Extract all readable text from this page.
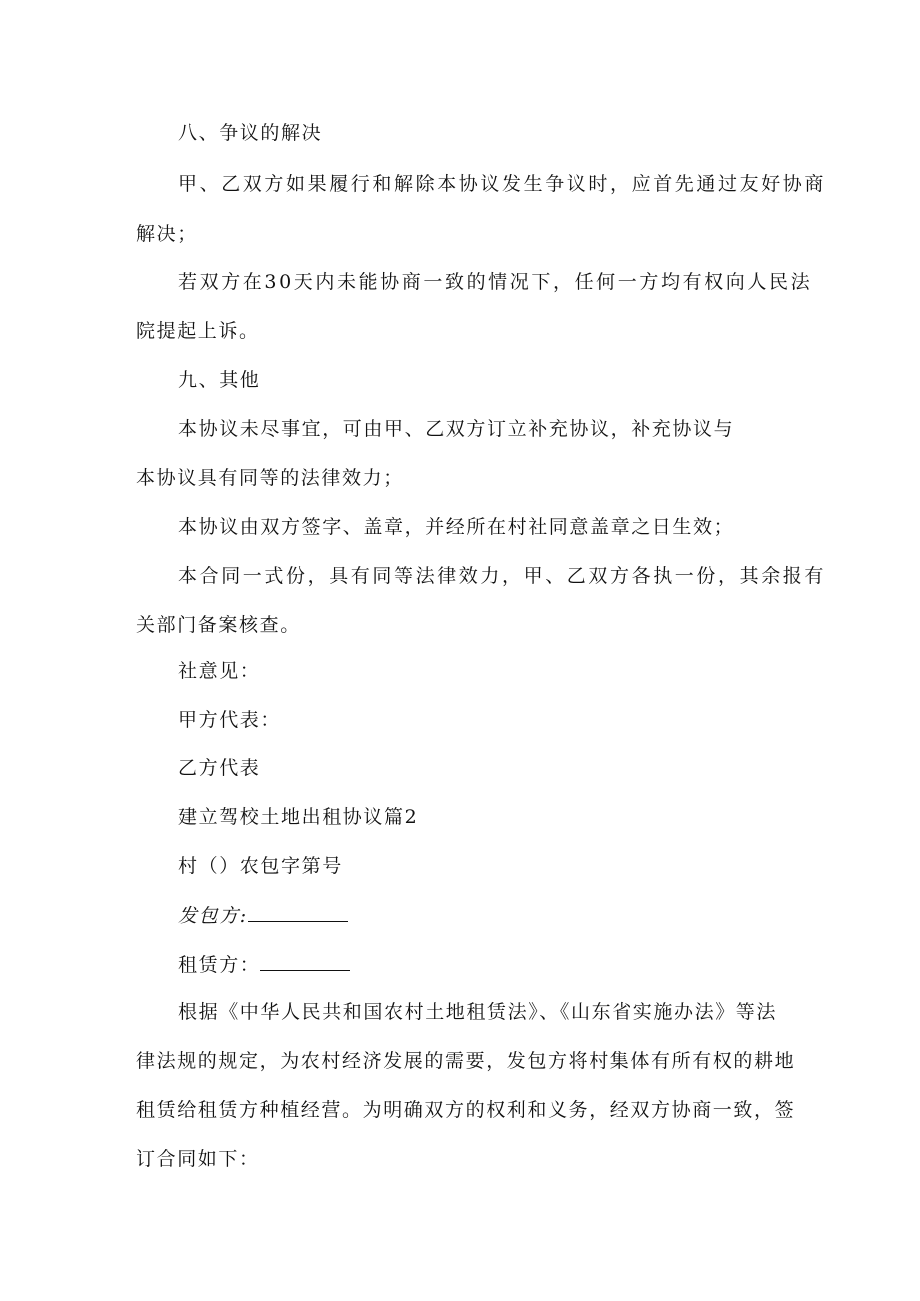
八、争议的解决
甲、乙双方如果履行和解除本协议发生争议时，应首先通过友好协商
解决；
若双方在30天内未能协商一致的情况下，任何一方均有权向人民法
院提起上诉。
九、其他
本协议未尽事宜，可由甲、乙双方订立补充协议，补充协议与
本协议具有同等的法律效力；
本协议由双方签字、盖章，并经所在村社同意盖章之日生效；
本合同一式份，具有同等法律效力，甲、乙双方各执一份，其余报有
关部门备案核查。
社意见：
甲方代表：
乙方代表
建立驾校土地出租协议篇2
村（）农包字第号
发包方:
租赁方：
根据《中华人民共和国农村土地租赁法》、《山东省实施办法》等法
律法规的规定，为农村经济发展的需要，发包方将村集体有所有权的耕地
租赁给租赁方种植经营。为明确双方的权利和义务，经双方协商一致，签
订合同如下：
